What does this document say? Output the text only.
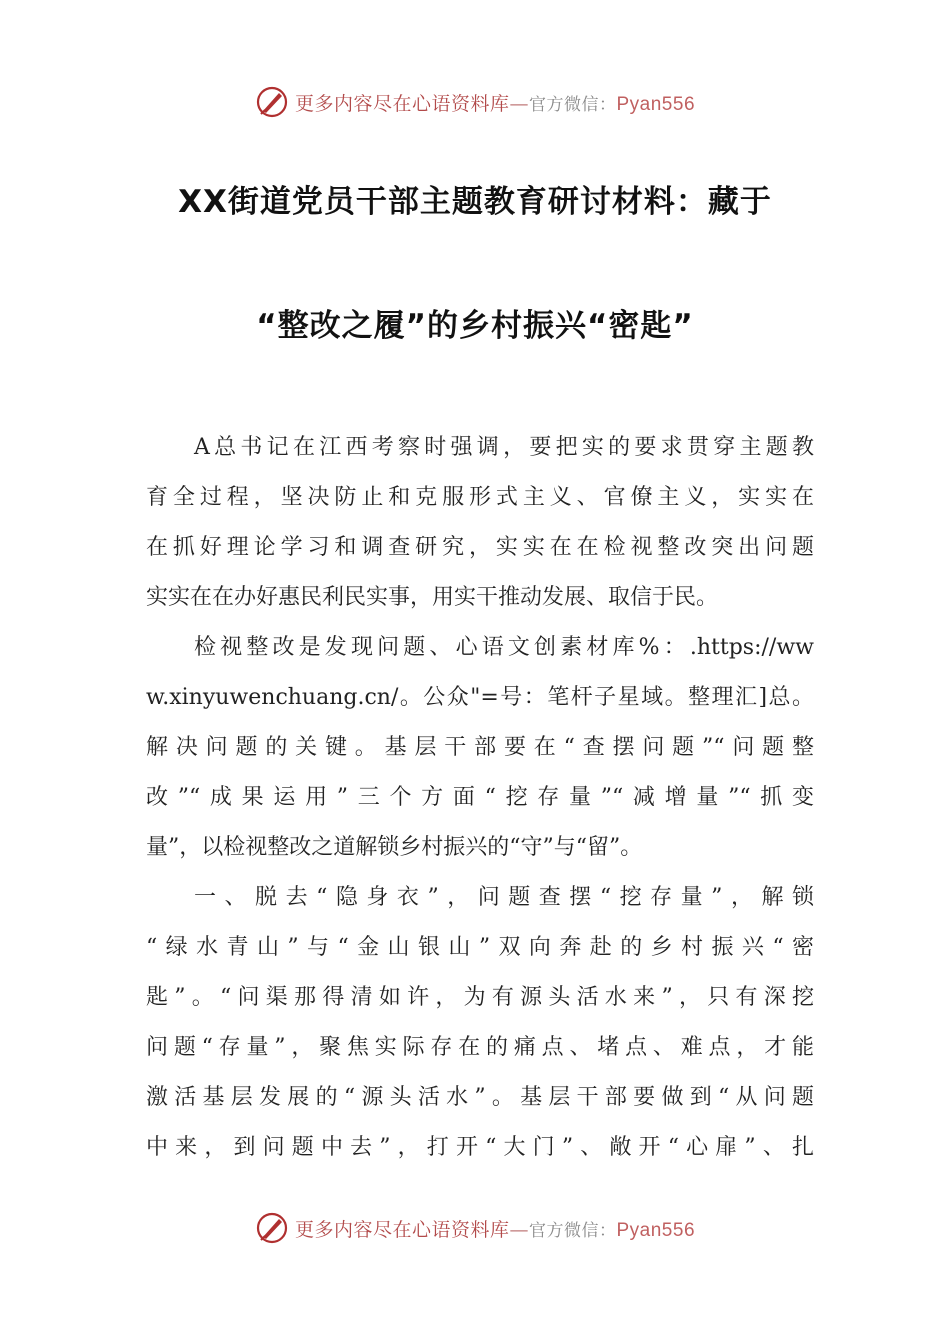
更多内容尽在心语资料库—官方微信：Pyan556
XX街道党员干部主题教育研讨材料：藏于
“整改之履”的乡村振兴“密匙”
A总书记在江西考察时强调，要把实的要求贯穿主题教
育全过程，坚决防止和克服形式主义、官僚主义，实实在
在抓好理论学习和调查研究，实实在在检视整改突出问题
实实在在办好惠民利民实事，用实干推动发展、取信于民。
检视整改是发现问题、心语文创素材库%：.https://ww
w.xinyuwenchuang.cn/。公众"=号：笔杆子星域。整理汇]总。
解决问题的关键。基层干部要在“查摆问题”“问题整
改”“成果运用”三个方面“挖存量”“减增量”“抓变
量”，以检视整改之道解锁乡村振兴的“守”与“留”。
一、脱去“隐身衣”，问题查摆“挖存量”，解锁
“绿水青山”与“金山银山”双向奔赴的乡村振兴“密
匙”。“问渠那得清如许，为有源头活水来”，只有深挖
问题“存量”，聚焦实际存在的痛点、堵点、难点，才能
激活基层发展的“源头活水”。基层干部要做到“从问题
中来，到问题中去”，打开“大门”、敞开“心扉”、扎
更多内容尽在心语资料库—官方微信：Pyan556
